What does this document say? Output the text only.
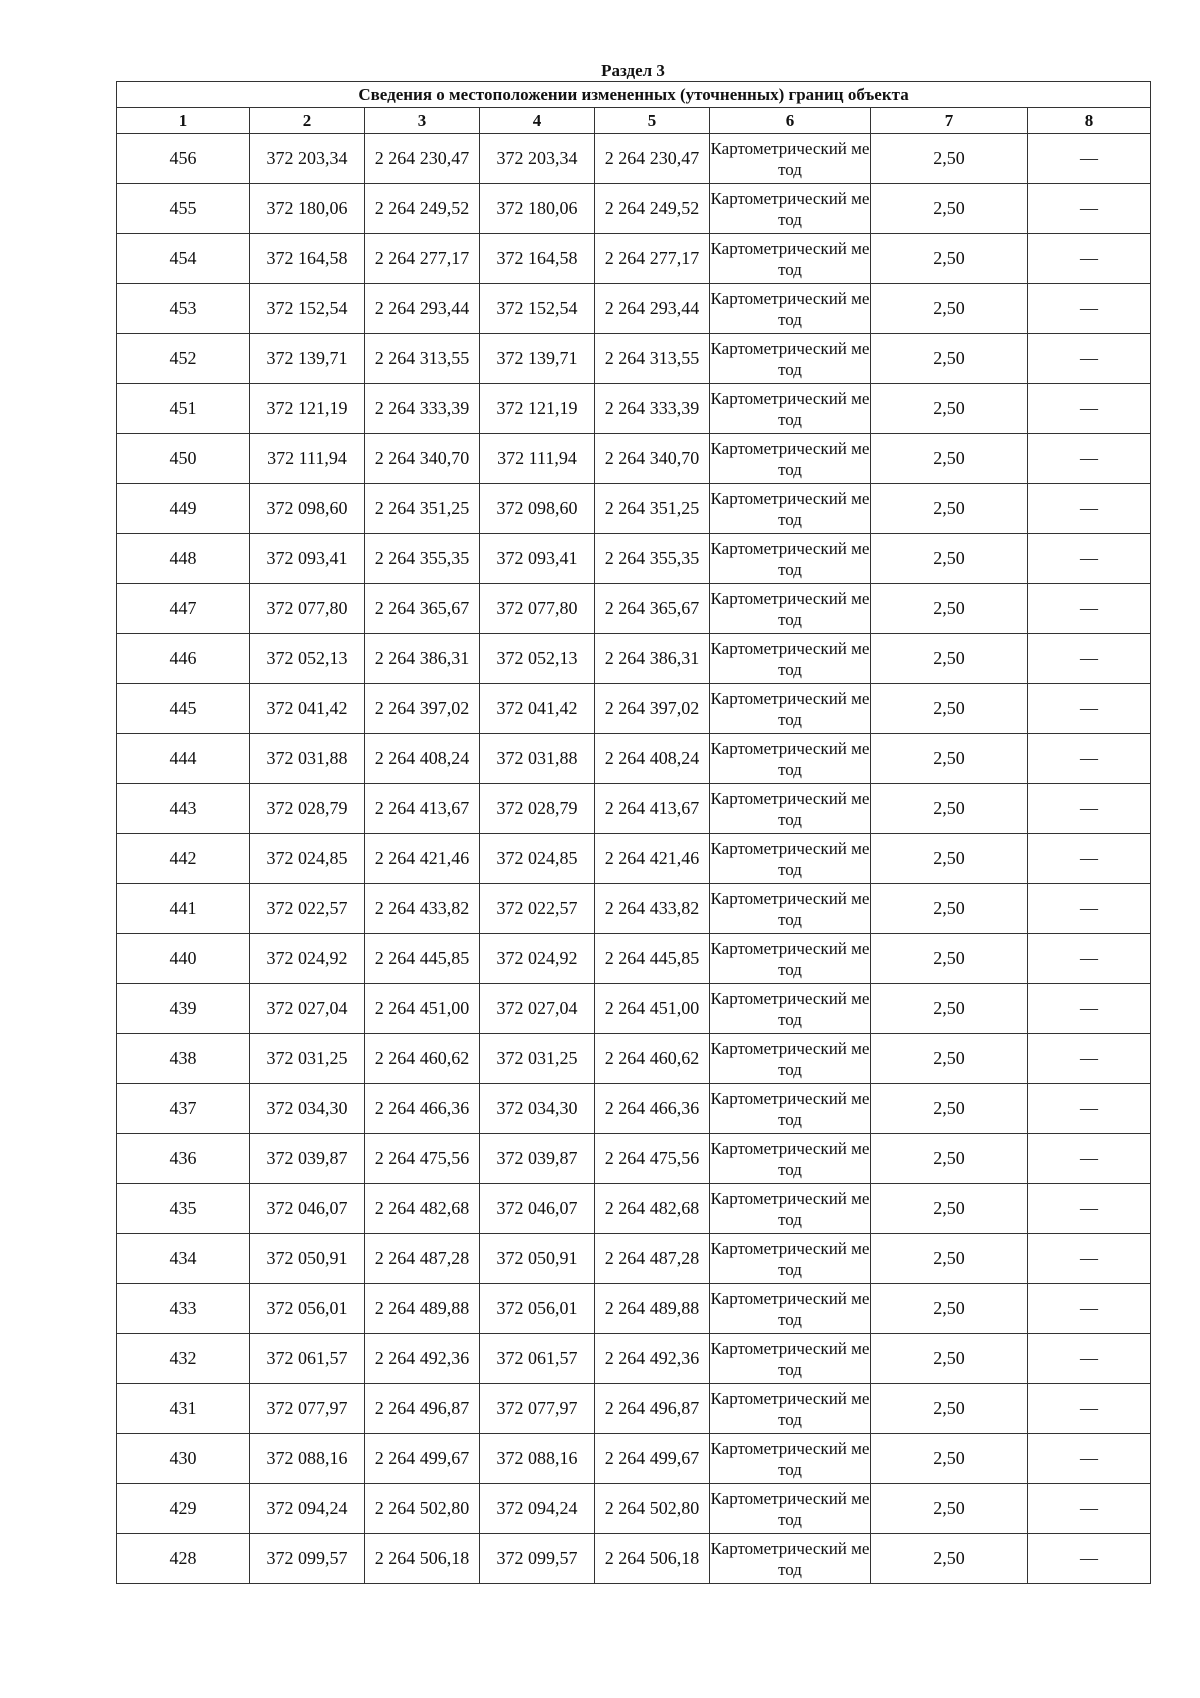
Раздел 3
Сведения о местоположении измененных (уточненных) границ объекта							
1	2	3	4	5	6	7	8
456	372 203,34	2 264 230,47	372 203,34	2 264 230,47	Картометрический метод	2,50	—
455	372 180,06	2 264 249,52	372 180,06	2 264 249,52	Картометрический метод	2,50	—
454	372 164,58	2 264 277,17	372 164,58	2 264 277,17	Картометрический метод	2,50	—
453	372 152,54	2 264 293,44	372 152,54	2 264 293,44	Картометрический метод	2,50	—
452	372 139,71	2 264 313,55	372 139,71	2 264 313,55	Картометрический метод	2,50	—
451	372 121,19	2 264 333,39	372 121,19	2 264 333,39	Картометрический метод	2,50	—
450	372 111,94	2 264 340,70	372 111,94	2 264 340,70	Картометрический метод	2,50	—
449	372 098,60	2 264 351,25	372 098,60	2 264 351,25	Картометрический метод	2,50	—
448	372 093,41	2 264 355,35	372 093,41	2 264 355,35	Картометрический метод	2,50	—
447	372 077,80	2 264 365,67	372 077,80	2 264 365,67	Картометрический метод	2,50	—
446	372 052,13	2 264 386,31	372 052,13	2 264 386,31	Картометрический метод	2,50	—
445	372 041,42	2 264 397,02	372 041,42	2 264 397,02	Картометрический метод	2,50	—
444	372 031,88	2 264 408,24	372 031,88	2 264 408,24	Картометрический метод	2,50	—
443	372 028,79	2 264 413,67	372 028,79	2 264 413,67	Картометрический метод	2,50	—
442	372 024,85	2 264 421,46	372 024,85	2 264 421,46	Картометрический метод	2,50	—
441	372 022,57	2 264 433,82	372 022,57	2 264 433,82	Картометрический метод	2,50	—
440	372 024,92	2 264 445,85	372 024,92	2 264 445,85	Картометрический метод	2,50	—
439	372 027,04	2 264 451,00	372 027,04	2 264 451,00	Картометрический метод	2,50	—
438	372 031,25	2 264 460,62	372 031,25	2 264 460,62	Картометрический метод	2,50	—
437	372 034,30	2 264 466,36	372 034,30	2 264 466,36	Картометрический метод	2,50	—
436	372 039,87	2 264 475,56	372 039,87	2 264 475,56	Картометрический метод	2,50	—
435	372 046,07	2 264 482,68	372 046,07	2 264 482,68	Картометрический метод	2,50	—
434	372 050,91	2 264 487,28	372 050,91	2 264 487,28	Картометрический метод	2,50	—
433	372 056,01	2 264 489,88	372 056,01	2 264 489,88	Картометрический метод	2,50	—
432	372 061,57	2 264 492,36	372 061,57	2 264 492,36	Картометрический метод	2,50	—
431	372 077,97	2 264 496,87	372 077,97	2 264 496,87	Картометрический метод	2,50	—
430	372 088,16	2 264 499,67	372 088,16	2 264 499,67	Картометрический метод	2,50	—
429	372 094,24	2 264 502,80	372 094,24	2 264 502,80	Картометрический метод	2,50	—
428	372 099,57	2 264 506,18	372 099,57	2 264 506,18	Картометрический метод	2,50	—
